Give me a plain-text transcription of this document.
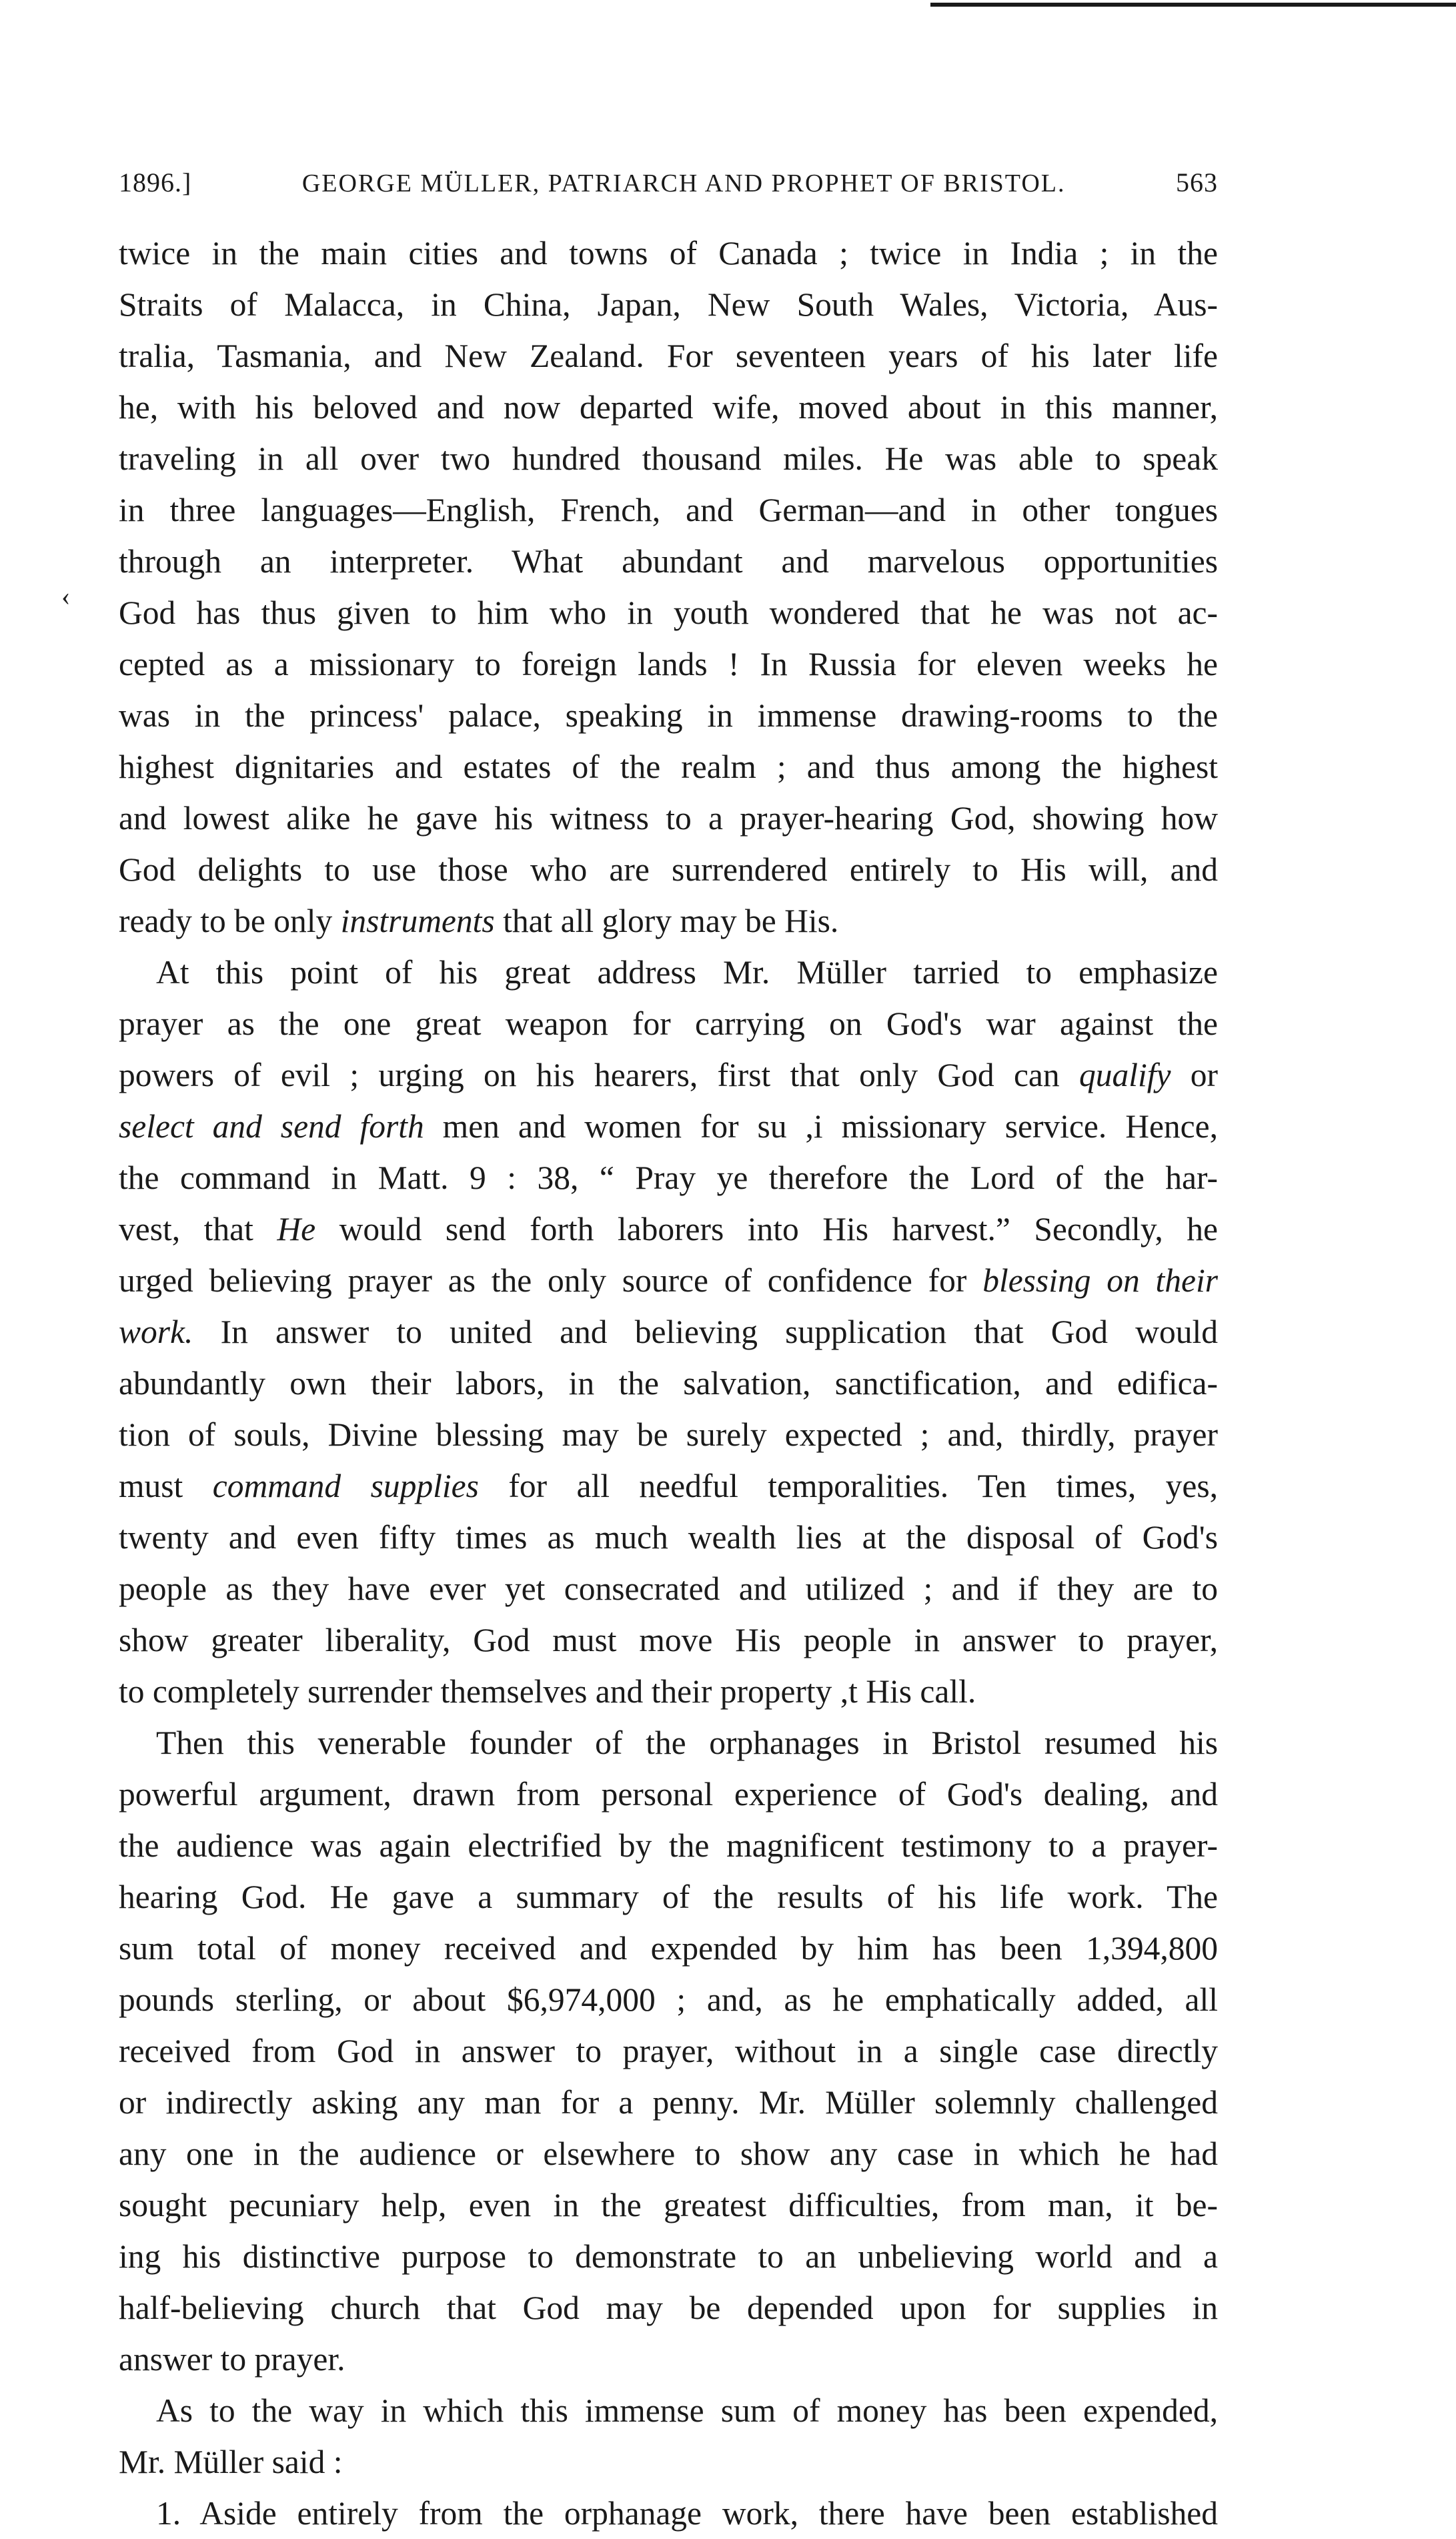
‹
1896.]	GEORGE MÜLLER, PATRIARCH AND PROPHET OF BRISTOL.	563
twice in the main cities and towns of Canada ; twice in India ; in the
Straits of Malacca, in China, Japan, New South Wales, Victoria, Aus-
tralia, Tasmania, and New Zealand. For seventeen years of his later life
he, with his beloved and now departed wife, moved about in this manner,
traveling in all over two hundred thousand miles. He was able to speak
in three languages—English, French, and German—and in other tongues
through an interpreter. What abundant and marvelous opportunities
God has thus given to him who in youth wondered that he was not ac-
cepted as a missionary to foreign lands ! In Russia for eleven weeks he
was in the princess' palace, speaking in immense drawing-rooms to the
highest dignitaries and estates of the realm ; and thus among the highest
and lowest alike he gave his witness to a prayer-hearing God, showing how
God delights to use those who are surrendered entirely to His will, and
ready to be only instruments that all glory may be His.
At this point of his great address Mr. Müller tarried to emphasize
prayer as the one great weapon for carrying on God's war against the
powers of evil ; urging on his hearers, first that only God can qualify or
select and send forth men and women for su ,i missionary service. Hence,
the command in Matt. 9 : 38, “ Pray ye therefore the Lord of the har-
vest, that He would send forth laborers into His harvest.” Secondly, he
urged believing prayer as the only source of confidence for blessing on their
work. In answer to united and believing supplication that God would
abundantly own their labors, in the salvation, sanctification, and edifica-
tion of souls, Divine blessing may be surely expected ; and, thirdly, prayer
must command supplies for all needful temporalities. Ten times, yes,
twenty and even fifty times as much wealth lies at the disposal of God's
people as they have ever yet consecrated and utilized ; and if they are to
show greater liberality, God must move His people in answer to prayer,
to completely surrender themselves and their property ,t His call.
Then this venerable founder of the orphanages in Bristol resumed his
powerful argument, drawn from personal experience of God's dealing, and
the audience was again electrified by the magnificent testimony to a prayer-
hearing God. He gave a summary of the results of his life work. The
sum total of money received and expended by him has been 1,394,800
pounds sterling, or about $6,974,000 ; and, as he emphatically added, all
received from God in answer to prayer, without in a single case directly
or indirectly asking any man for a penny. Mr. Müller solemnly challenged
any one in the audience or elsewhere to show any case in which he had
sought pecuniary help, even in the greatest difficulties, from man, it be-
ing his distinctive purpose to demonstrate to an unbelieving world and a
half-believing church that God may be depended upon for supplies in
answer to prayer.
As to the way in which this immense sum of money has been expended,
Mr. Müller said :
1. Aside entirely from the orphanage work, there have been established
